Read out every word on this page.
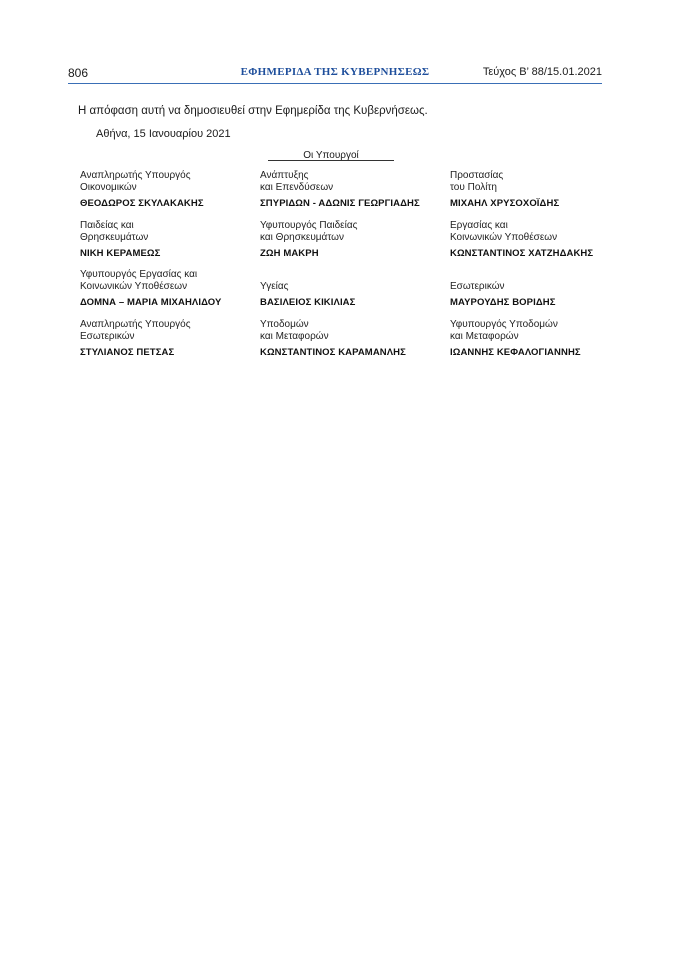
806	ΕΦΗΜΕΡΙΔΑ ΤΗΣ ΚΥΒΕΡΝΗΣΕΩΣ	Τεύχος Β’ 88/15.01.2021
Η απόφαση αυτή να δημοσιευθεί στην Εφημερίδα της Κυβερνήσεως.
Αθήνα, 15 Ιανουαρίου 2021
Οι Υπουργοί

Αναπληρωτής Υπουργός

Οικονομικών

ΘΕΟΔΩΡΟΣ ΣΚΥΛΑΚΑΚΗΣ

Ανάπτυξης

και Επενδύσεων

ΣΠΥΡΙΔΩΝ - ΑΔΩΝΙΣ ΓΕΩΡΓΙΑΔΗΣ

Προστασίας

του Πολίτη

ΜΙΧΑΗΛ ΧΡΥΣΟΧΟΪΔΗΣ

Παιδείας και

Θρησκευμάτων

ΝΙΚΗ ΚΕΡΑΜΕΩΣ

Υφυπουργός Παιδείας

και Θρησκευμάτων

ΖΩΗ ΜΑΚΡΗ

Εργασίας και

Κοινωνικών Υποθέσεων

ΚΩΝΣΤΑΝΤΙΝΟΣ ΧΑΤΖΗΔΑΚΗΣ

Υφυπουργός Εργασίας και

Κοινωνικών Υποθέσεων

ΔΟΜΝΑ – ΜΑΡΙΑ ΜΙΧΑΗΛΙΔΟΥ

Υγείας

ΒΑΣΙΛΕΙΟΣ ΚΙΚΙΛΙΑΣ

Εσωτερικών

ΜΑΥΡΟΥΔΗΣ ΒΟΡΙΔΗΣ

Αναπληρωτής Υπουργός

Εσωτερικών

ΣΤΥΛΙΑΝΟΣ ΠΕΤΣΑΣ

Υποδομών

και Μεταφορών

ΚΩΝΣΤΑΝΤΙΝΟΣ ΚΑΡΑΜΑΝΛΗΣ

Υφυπουργός Υποδομών

και Μεταφορών

ΙΩΑΝΝΗΣ ΚΕΦΑΛΟΓΙΑΝΝΗΣ
